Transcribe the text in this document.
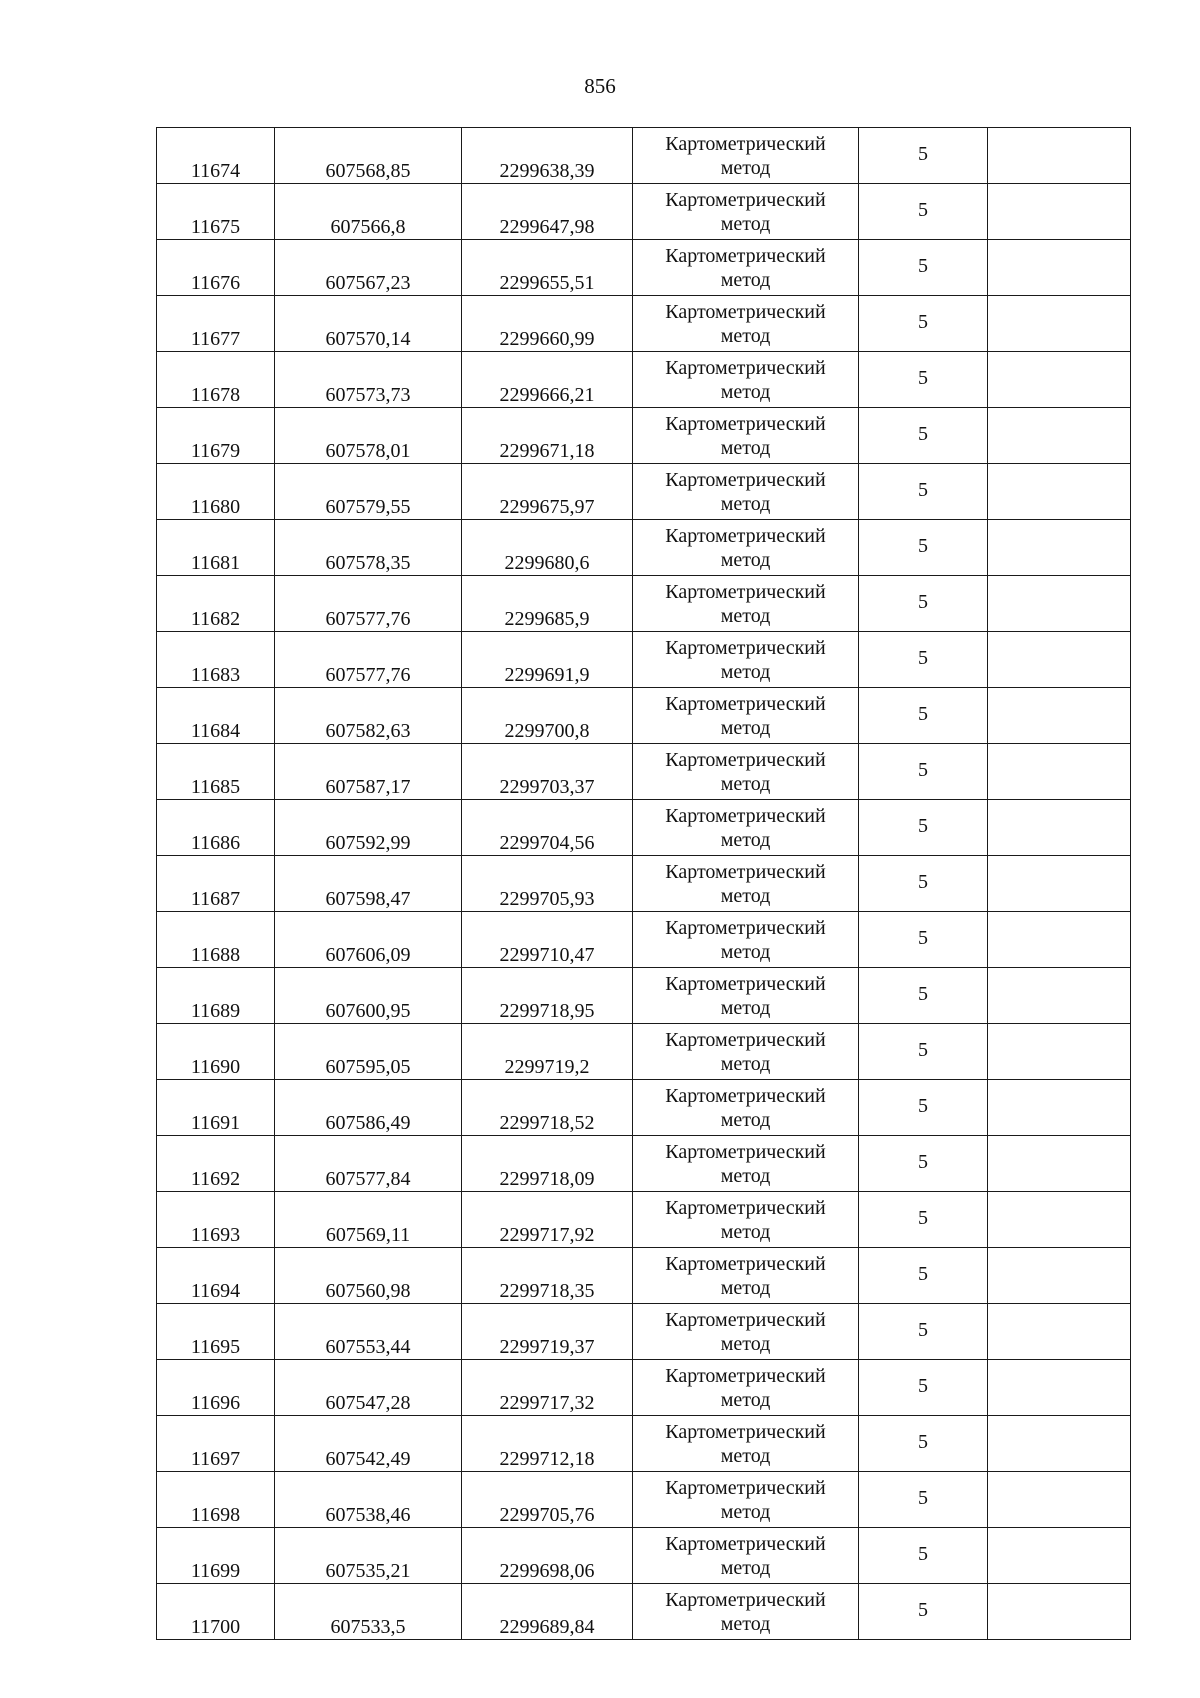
856
11674	607568,85	2299638,39	Картометрический
метод	5	
11675	607566,8	2299647,98	Картометрический
метод	5	
11676	607567,23	2299655,51	Картометрический
метод	5	
11677	607570,14	2299660,99	Картометрический
метод	5	
11678	607573,73	2299666,21	Картометрический
метод	5	
11679	607578,01	2299671,18	Картометрический
метод	5	
11680	607579,55	2299675,97	Картометрический
метод	5	
11681	607578,35	2299680,6	Картометрический
метод	5	
11682	607577,76	2299685,9	Картометрический
метод	5	
11683	607577,76	2299691,9	Картометрический
метод	5	
11684	607582,63	2299700,8	Картометрический
метод	5	
11685	607587,17	2299703,37	Картометрический
метод	5	
11686	607592,99	2299704,56	Картометрический
метод	5	
11687	607598,47	2299705,93	Картометрический
метод	5	
11688	607606,09	2299710,47	Картометрический
метод	5	
11689	607600,95	2299718,95	Картометрический
метод	5	
11690	607595,05	2299719,2	Картометрический
метод	5	
11691	607586,49	2299718,52	Картометрический
метод	5	
11692	607577,84	2299718,09	Картометрический
метод	5	
11693	607569,11	2299717,92	Картометрический
метод	5	
11694	607560,98	2299718,35	Картометрический
метод	5	
11695	607553,44	2299719,37	Картометрический
метод	5	
11696	607547,28	2299717,32	Картометрический
метод	5	
11697	607542,49	2299712,18	Картометрический
метод	5	
11698	607538,46	2299705,76	Картометрический
метод	5	
11699	607535,21	2299698,06	Картометрический
метод	5	
11700	607533,5	2299689,84	Картометрический
метод	5	
